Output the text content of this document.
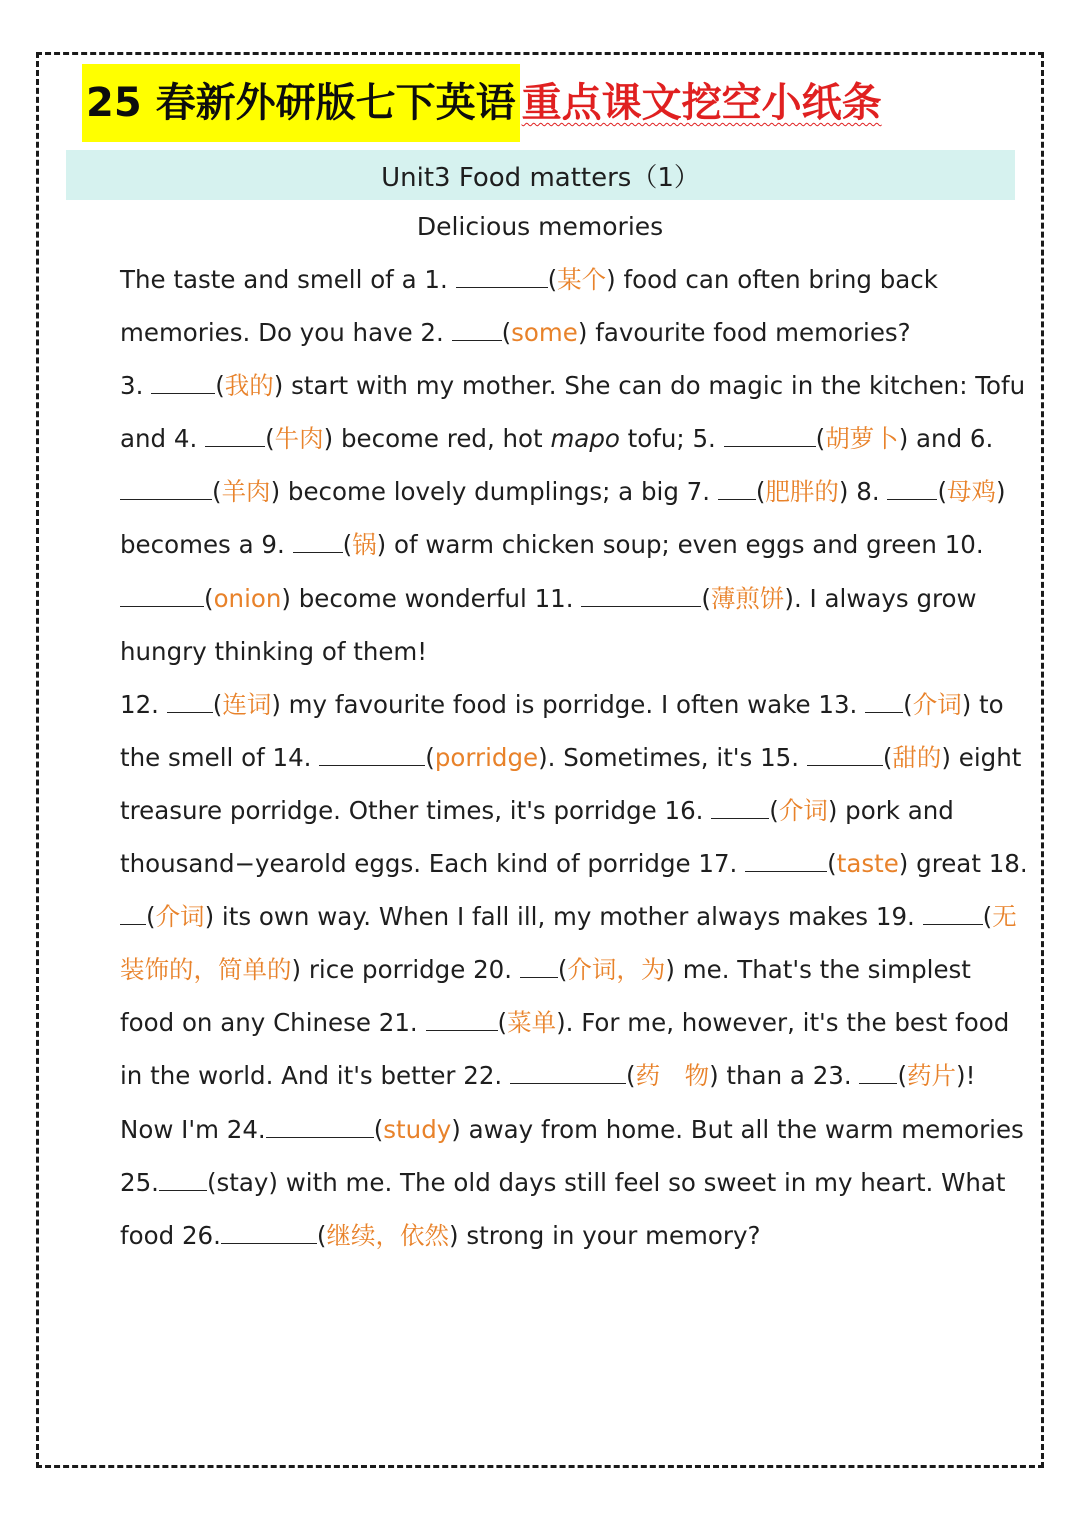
25 春新外研版七下英语 重点课文挖空小纸条
Unit3 Food matters（1）
Delicious memories

The taste and smell of a 1.	(某个) food can often bring back memories. Do you have 2. (some) favourite food memories?

3.	(我的) start with my mother. She can do magic in the kitchen: Tofu and 4.	(牛肉) become red, hot mapo tofu; 5.	(胡萝卜) and 6. (羊肉) become lovely dumplings; a big 7. (肥胖的) 8. (母鸡) becomes a 9. (锅) of warm chicken soup; even eggs and green 10. (onion) become wonderful 11.	(薄煎饼). I always grow hungry thinking of them!

12. (连词) my favourite food is porridge. I often wake 13. (介词) to the smell of 14.	(porridge). Sometimes, it's 15.	(甜的) eight treasure porridge. Other times, it's porridge 16.	(介词) pork and thousand−yearold eggs. Each kind of porridge 17.	(taste) great 18. (介词) its own way. When I fall ill, my mother always makes 19.	(无装饰的，简单的) rice porridge 20. (介词，为) me. That's the simplest food on any Chinese 21.	(菜单). For me, however, it's the best food in the world. And it's better 22.	(药　物) than a 23. (药片)!

Now I'm 24.	(study) away from home. But all the warm memories

25. (stay) with me. The old days still feel so sweet in my heart. What food 26.	(继续，依然) strong in your memory?
